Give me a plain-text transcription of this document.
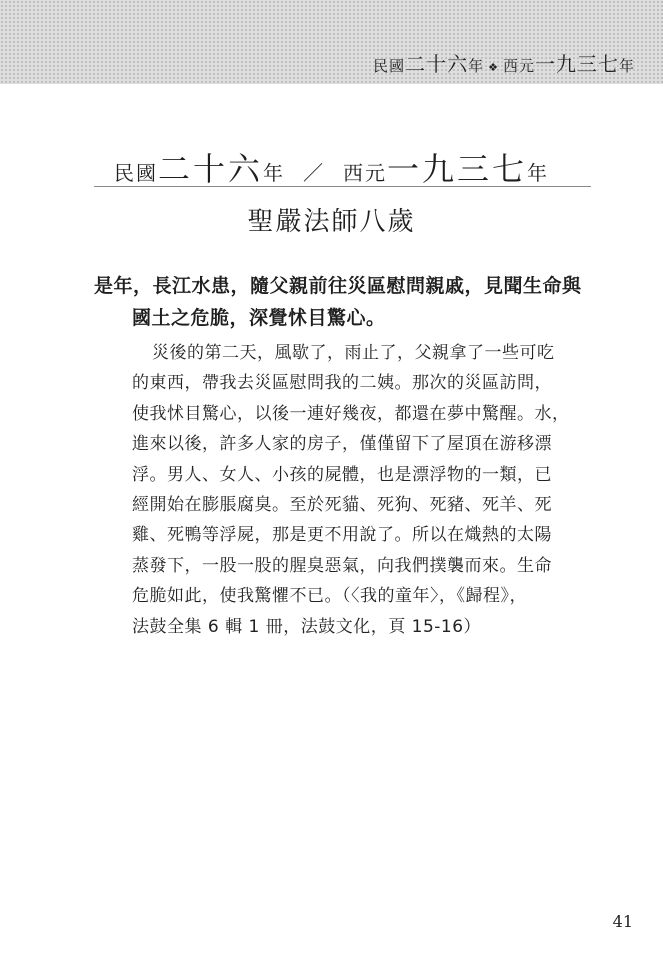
民國二十六年 ❖ 西元一九三七年
民國二十六年 ／ 西元一九三七年
聖嚴法師八歲
是年，長江水患，隨父親前往災區慰問親戚，見聞生命與
國土之危脆，深覺怵目驚心。
災後的第二天，風歇了，雨止了，父親拿了一些可吃
的東西，帶我去災區慰問我的二姨。那次的災區訪問，
使我怵目驚心，以後一連好幾夜，都還在夢中驚醒。水，
進來以後，許多人家的房子，僅僅留下了屋頂在游移漂
浮。男人、女人、小孩的屍體，也是漂浮物的一類，已
經開始在膨脹腐臭。至於死貓、死狗、死豬、死羊、死
雞、死鴨等浮屍，那是更不用說了。所以在熾熱的太陽
蒸發下，一股一股的腥臭惡氣，向我們撲襲而來。生命
危脆如此，使我驚懼不已。（〈我的童年〉，《歸程》，
法鼓全集 6 輯 1 冊，法鼓文化，頁 15-16）
41
